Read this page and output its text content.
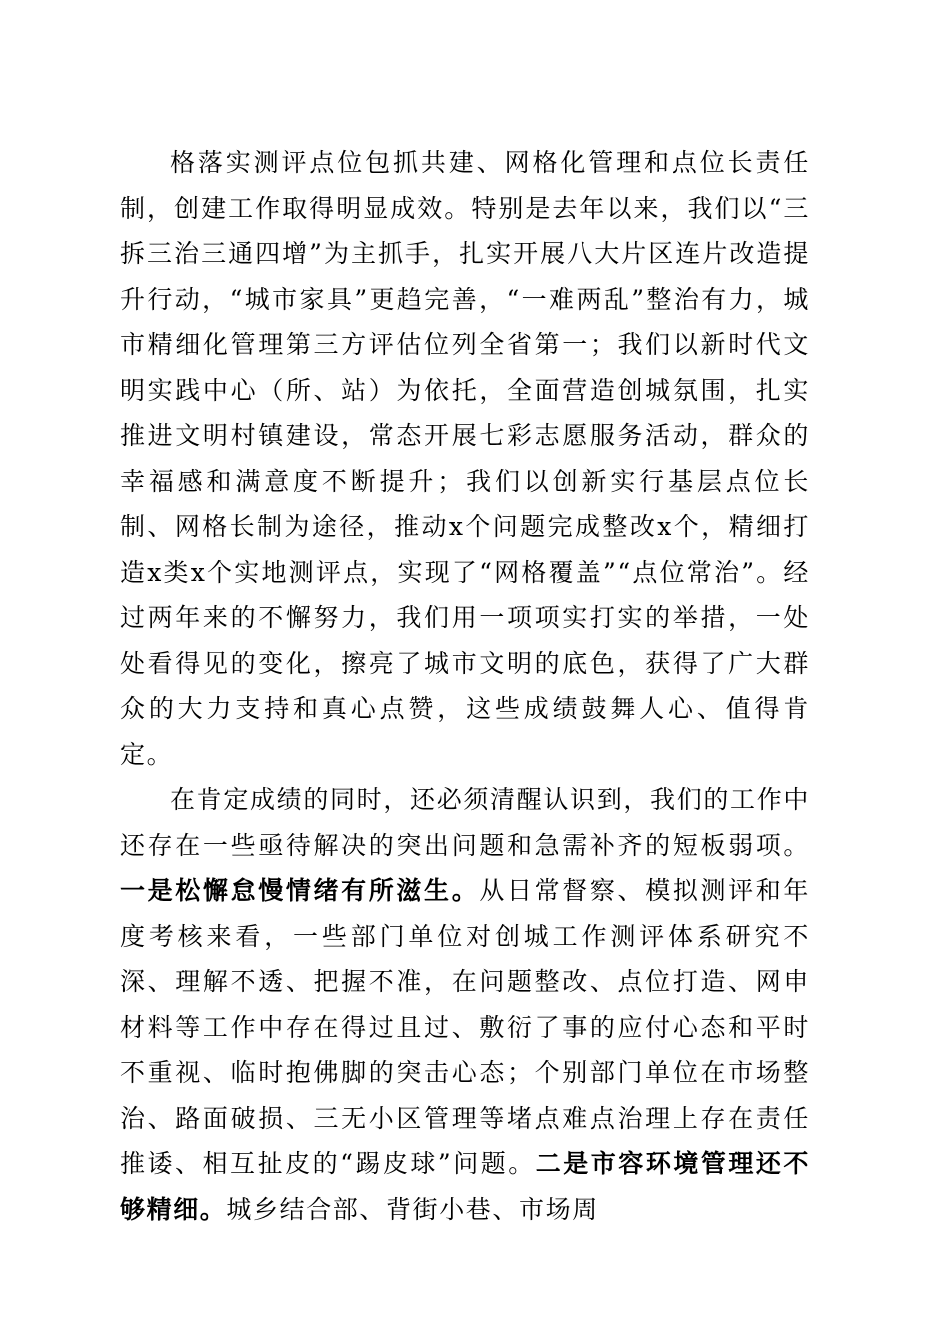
格落实测评点位包抓共建、网格化管理和点位长责任制，创建工作取得明显成效。特别是去年以来，我们以“三拆三治三通四增”为主抓手，扎实开展八大片区连片改造提升行动，“城市家具”更趋完善，“一难两乱”整治有力，城市精细化管理第三方评估位列全省第一；我们以新时代文明实践中心（所、站）为依托，全面营造创城氛围，扎实推进文明村镇建设，常态开展七彩志愿服务活动，群众的幸福感和满意度不断提升；我们以创新实行基层点位长制、网格长制为途径，推动x个问题完成整改x个，精细打造x类x个实地测评点，实现了“网格覆盖”“点位常治”。经过两年来的不懈努力，我们用一项项实打实的举措，一处处看得见的变化，擦亮了城市文明的底色，获得了广大群众的大力支持和真心点赞，这些成绩鼓舞人心、值得肯定。

在肯定成绩的同时，还必须清醒认识到，我们的工作中还存在一些亟待解决的突出问题和急需补齐的短板弱项。一是松懈怠慢情绪有所滋生。从日常督察、模拟测评和年度考核来看，一些部门单位对创城工作测评体系研究不深、理解不透、把握不准，在问题整改、点位打造、网申材料等工作中存在得过且过、敷衍了事的应付心态和平时不重视、临时抱佛脚的突击心态；个别部门单位在市场整治、路面破损、三无小区管理等堵点难点治理上存在责任推诿、相互扯皮的“踢皮球”问题。二是市容环境管理还不够精细。城乡结合部、背街小巷、市场周
